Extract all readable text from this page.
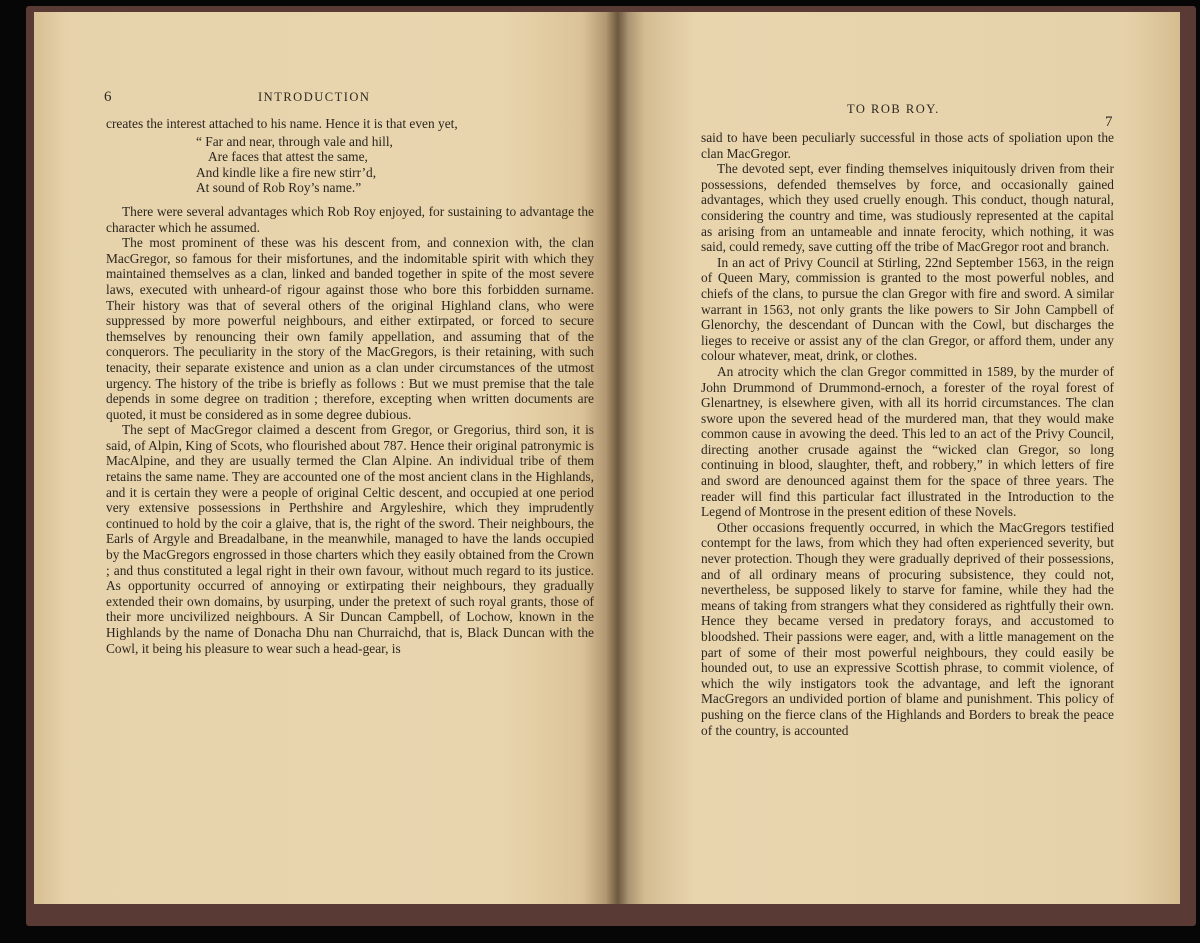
6	INTRODUCTION

creates the interest attached to his name. Hence it is that even yet,

“ Far and near, through vale and hill,
Are faces that attest the same,
And kindle like a fire new stirr’d,
At sound of Rob Roy’s name.”

There were several advantages which Rob Roy enjoyed, for sustaining to advantage the character which he assumed.

The most prominent of these was his descent from, and connexion with, the clan MacGregor, so famous for their misfortunes, and the indomitable spirit with which they maintained themselves as a clan, linked and banded together in spite of the most severe laws, executed with unheard-of rigour against those who bore this forbidden surname. Their history was that of several others of the original Highland clans, who were suppressed by more powerful neighbours, and either extirpated, or forced to secure themselves by renouncing their own family appellation, and assuming that of the conquerors. The peculiarity in the story of the MacGregors, is their retaining, with such tenacity, their separate existence and union as a clan under circumstances of the utmost urgency. The history of the tribe is briefly as follows : But we must premise that the tale depends in some degree on tradition ; therefore, excepting when written documents are quoted, it must be considered as in some degree dubious.

The sept of MacGregor claimed a descent from Gregor, or Gregorius, third son, it is said, of Alpin, King of Scots, who flourished about 787. Hence their original patronymic is MacAlpine, and they are usually termed the Clan Alpine. An individual tribe of them retains the same name. They are accounted one of the most ancient clans in the Highlands, and it is certain they were a people of original Celtic descent, and occupied at one period very extensive possessions in Perthshire and Argyleshire, which they imprudently continued to hold by the coir a glaive, that is, the right of the sword. Their neighbours, the Earls of Argyle and Breadalbane, in the meanwhile, managed to have the lands occupied by the MacGregors engrossed in those charters which they easily obtained from the Crown ; and thus constituted a legal right in their own favour, without much regard to its justice. As opportunity occurred of annoying or extirpating their neighbours, they gradually extended their own domains, by usurping, under the pretext of such royal grants, those of their more uncivilized neighbours. A Sir Duncan Campbell, of Lochow, known in the Highlands by the name of Donacha Dhu nan Churraichd, that is, Black Duncan with the Cowl, it being his pleasure to wear such a head-gear, is

TO ROB ROY.
7

said to have been peculiarly successful in those acts of spoliation upon the clan MacGregor.

The devoted sept, ever finding themselves iniquitously driven from their possessions, defended themselves by force, and occasionally gained advantages, which they used cruelly enough. This conduct, though natural, considering the country and time, was studiously represented at the capital as arising from an untameable and innate ferocity, which nothing, it was said, could remedy, save cutting off the tribe of MacGregor root and branch.

In an act of Privy Council at Stirling, 22nd September 1563, in the reign of Queen Mary, commission is granted to the most powerful nobles, and chiefs of the clans, to pursue the clan Gregor with fire and sword. A similar warrant in 1563, not only grants the like powers to Sir John Campbell of Glenorchy, the descendant of Duncan with the Cowl, but discharges the lieges to receive or assist any of the clan Gregor, or afford them, under any colour whatever, meat, drink, or clothes.

An atrocity which the clan Gregor committed in 1589, by the murder of John Drummond of Drummond-ernoch, a forester of the royal forest of Glenartney, is elsewhere given, with all its horrid circumstances. The clan swore upon the severed head of the murdered man, that they would make common cause in avowing the deed. This led to an act of the Privy Council, directing another crusade against the “wicked clan Gregor, so long continuing in blood, slaughter, theft, and robbery,” in which letters of fire and sword are denounced against them for the space of three years. The reader will find this particular fact illustrated in the Introduction to the Legend of Montrose in the present edition of these Novels.

Other occasions frequently occurred, in which the MacGregors testified contempt for the laws, from which they had often experienced severity, but never protection. Though they were gradually deprived of their possessions, and of all ordinary means of procuring subsistence, they could not, nevertheless, be supposed likely to starve for famine, while they had the means of taking from strangers what they considered as rightfully their own. Hence they became versed in predatory forays, and accustomed to bloodshed. Their passions were eager, and, with a little management on the part of some of their most powerful neighbours, they could easily be hounded out, to use an expressive Scottish phrase, to commit violence, of which the wily instigators took the advantage, and left the ignorant MacGregors an undivided portion of blame and punishment. This policy of pushing on the fierce clans of the Highlands and Borders to break the peace of the country, is accounted
